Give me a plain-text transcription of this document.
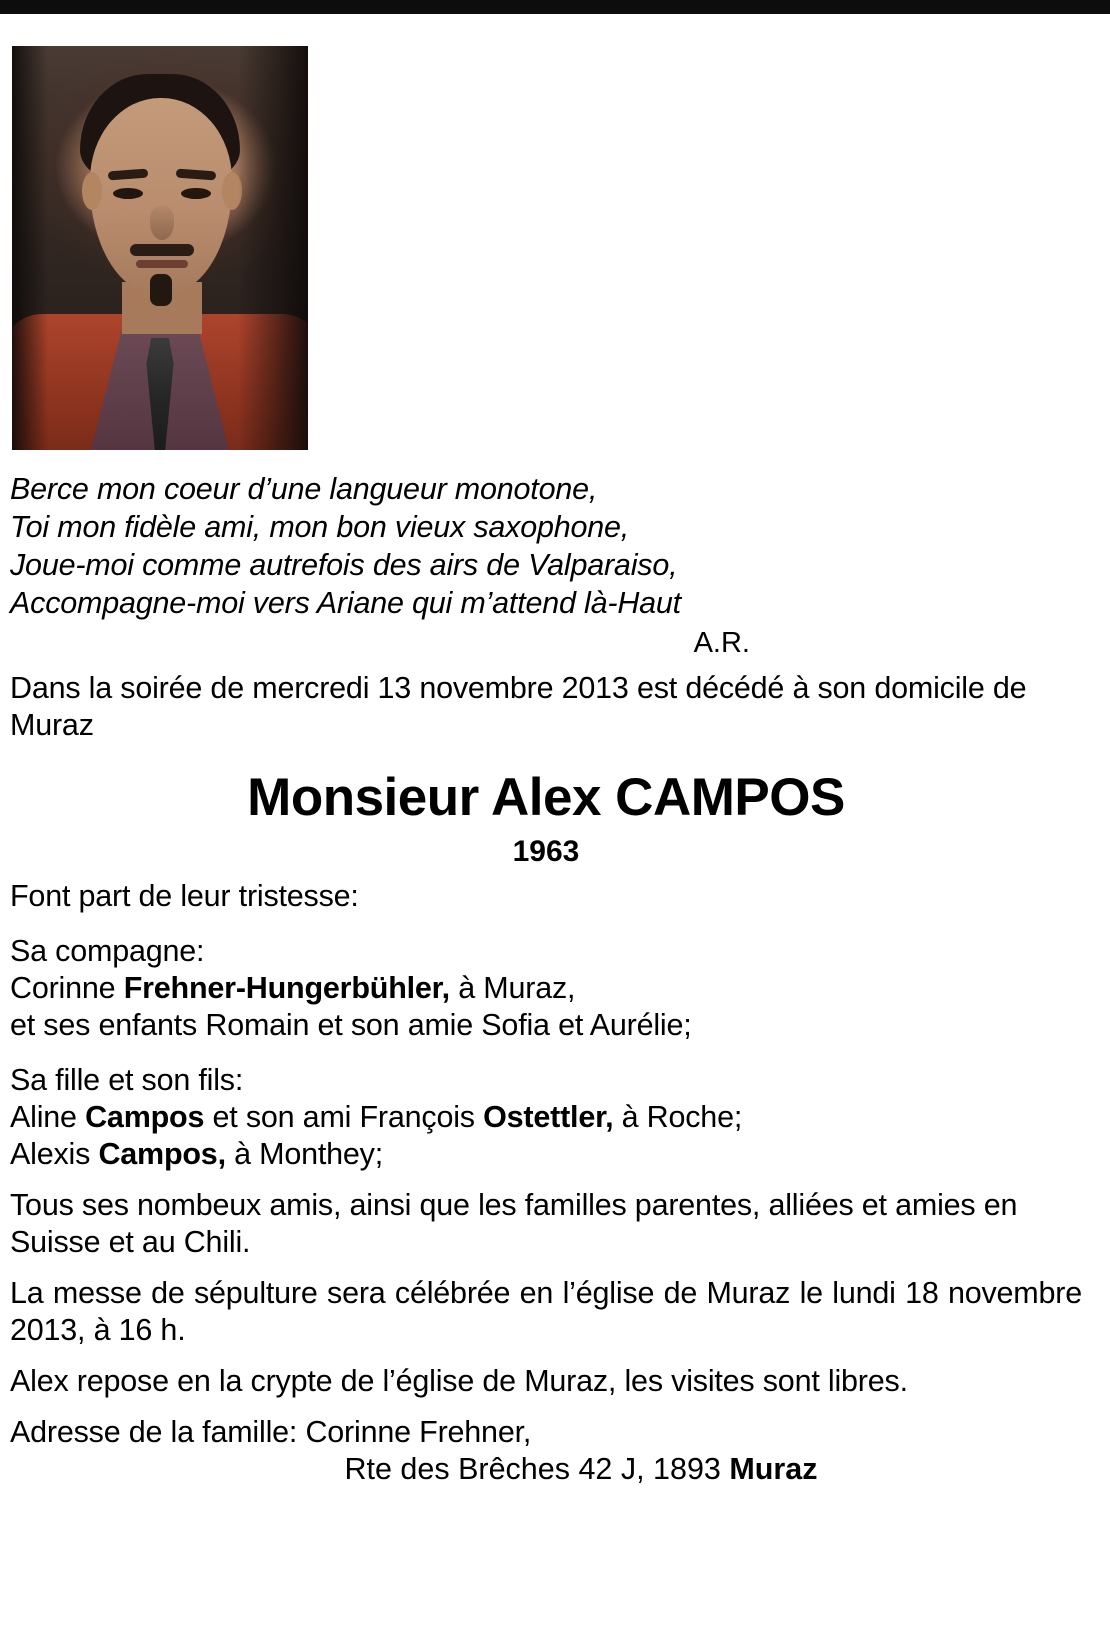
Berce mon coeur d’une langueur monotone,
Toi mon fidèle ami, mon bon vieux saxophone,
Joue-moi comme autrefois des airs de Valparaiso,
Accompagne-moi vers Ariane qui m’attend là-Haut
A.R.
Dans la soirée de mercredi 13 novembre 2013 est décédé à son domicile de Muraz
Monsieur Alex CAMPOS
1963
Font part de leur tristesse:
Sa compagne:
Corinne Frehner-Hungerbühler, à Muraz,
et ses enfants Romain et son amie Sofia et Aurélie;
Sa fille et son fils:
Aline Campos et son ami François Ostettler, à Roche;
Alexis Campos, à Monthey;
Tous ses nombeux amis, ainsi que les familles parentes, alliées et amies en Suisse et au Chili.
La messe de sépulture sera célébrée en l’église de Muraz le lundi 18 novembre 2013, à 16 h.
Alex repose en la crypte de l’église de Muraz, les visites sont libres.
Adresse de la famille: Corinne Frehner,
Rte des Brêches 42 J, 1893 Muraz
